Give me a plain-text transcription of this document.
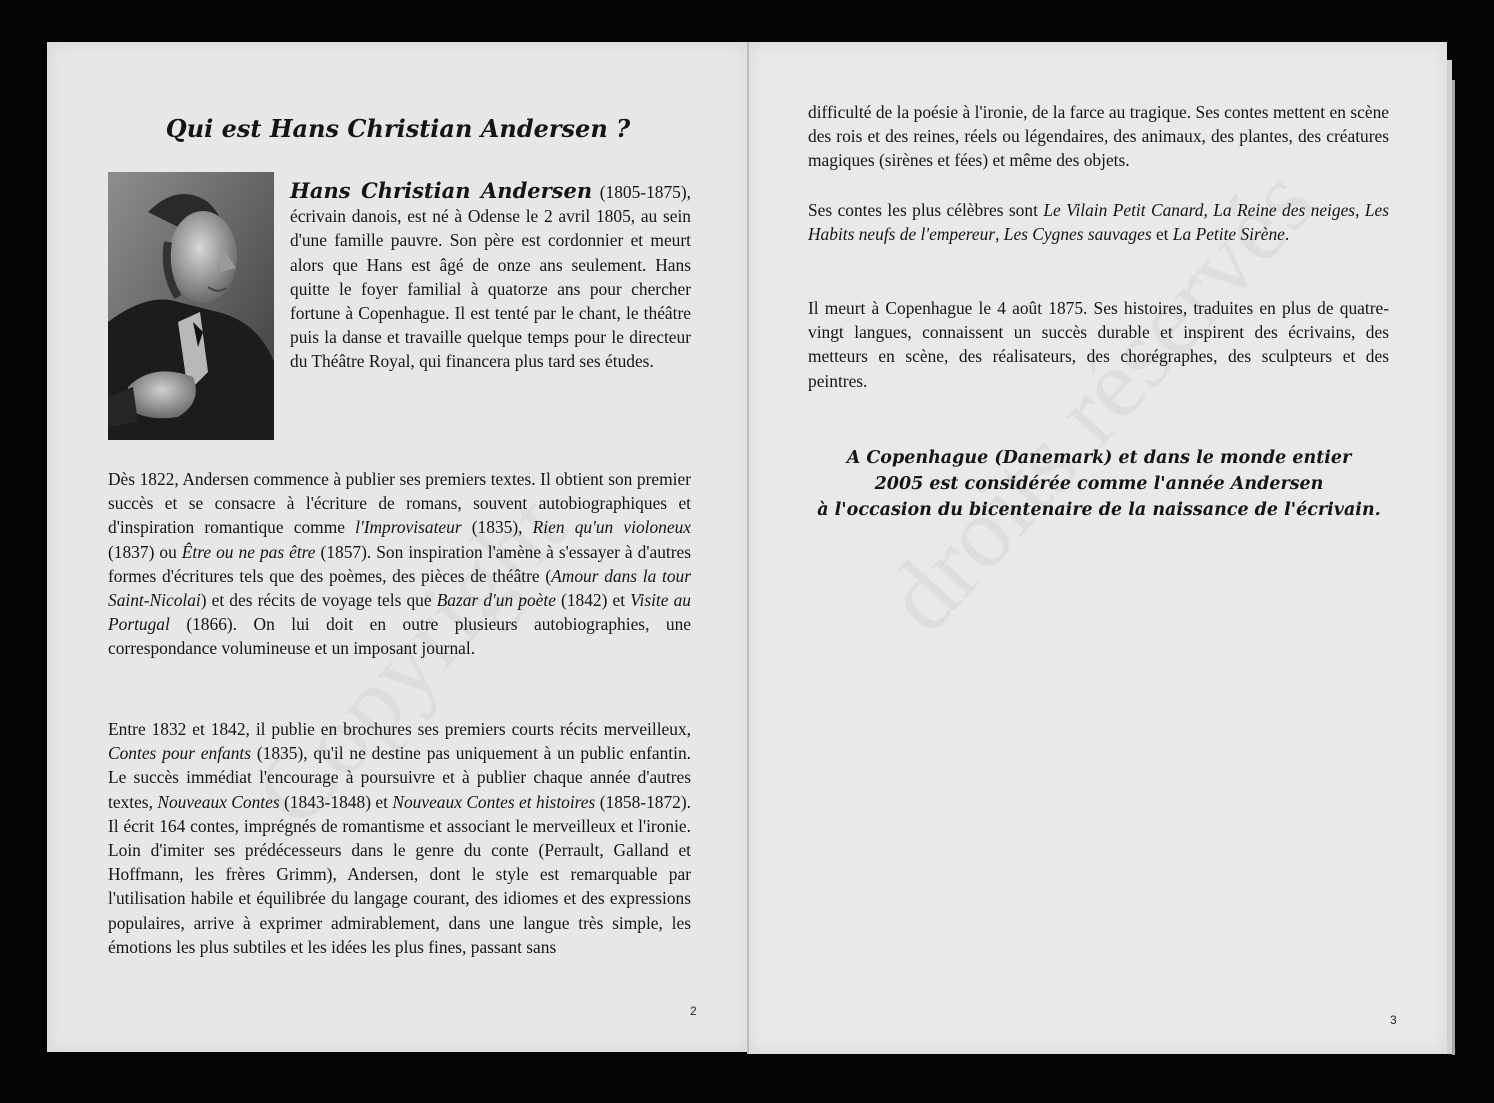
Qui est Hans Christian Andersen ?

Hans Christian Andersen (1805-1875), écrivain danois, est né à Odense le 2 avril 1805, au sein d'une famille pauvre. Son père est cordonnier et meurt alors que Hans est âgé de onze ans seulement. Hans quitte le foyer familial à quatorze ans pour chercher fortune à Copenhague. Il est tenté par le chant, le théâtre puis la danse et travaille quelque temps pour le directeur du Théâtre Royal, qui financera plus tard ses études.

Dès 1822, Andersen commence à publier ses premiers textes. Il obtient son premier succès et se consacre à l'écriture de romans, souvent autobiographiques et d'inspiration romantique comme l'Improvisateur (1835), Rien qu'un violoneux (1837) ou Être ou ne pas être (1857). Son inspiration l'amène à s'essayer à d'autres formes d'écritures tels que des poèmes, des pièces de théâtre (Amour dans la tour Saint-Nicolai) et des récits de voyage tels que Bazar d'un poète (1842) et Visite au Portugal (1866). On lui doit en outre plusieurs autobiographies, une correspondance volumineuse et un imposant journal.

Entre 1832 et 1842, il publie en brochures ses premiers courts récits merveilleux, Contes pour enfants (1835), qu'il ne destine pas uniquement à un public enfantin. Le succès immédiat l'encourage à poursuivre et à publier chaque année d'autres textes, Nouveaux Contes (1843-1848) et Nouveaux Contes et histoires (1858-1872). Il écrit 164 contes, imprégnés de romantisme et associant le merveilleux et l'ironie. Loin d'imiter ses prédécesseurs dans le genre du conte (Perrault, Galland et Hoffmann, les frères Grimm), Andersen, dont le style est remarquable par l'utilisation habile et équilibrée du langage courant, des idiomes et des expressions populaires, arrive à exprimer admirablement, dans une langue très simple, les émotions les plus subtiles et les idées les plus fines, passant sans

2

difficulté de la poésie à l'ironie, de la farce au tragique. Ses contes mettent en scène des rois et des reines, réels ou légendaires, des animaux, des plantes, des créatures magiques (sirènes et fées) et même des objets.

Ses contes les plus célèbres sont Le Vilain Petit Canard, La Reine des neiges, Les Habits neufs de l'empereur, Les Cygnes sauvages et La Petite Sirène.

Il meurt à Copenhague le 4 août 1875. Ses histoires, traduites en plus de quatre-vingt langues, connaissent un succès durable et inspirent des écrivains, des metteurs en scène, des réalisateurs, des chorégraphes, des sculpteurs et des peintres.

A Copenhague (Danemark) et dans le monde entier
2005 est considérée comme l'année Andersen
à l'occasion du bicentenaire de la naissance de l'écrivain.
3
